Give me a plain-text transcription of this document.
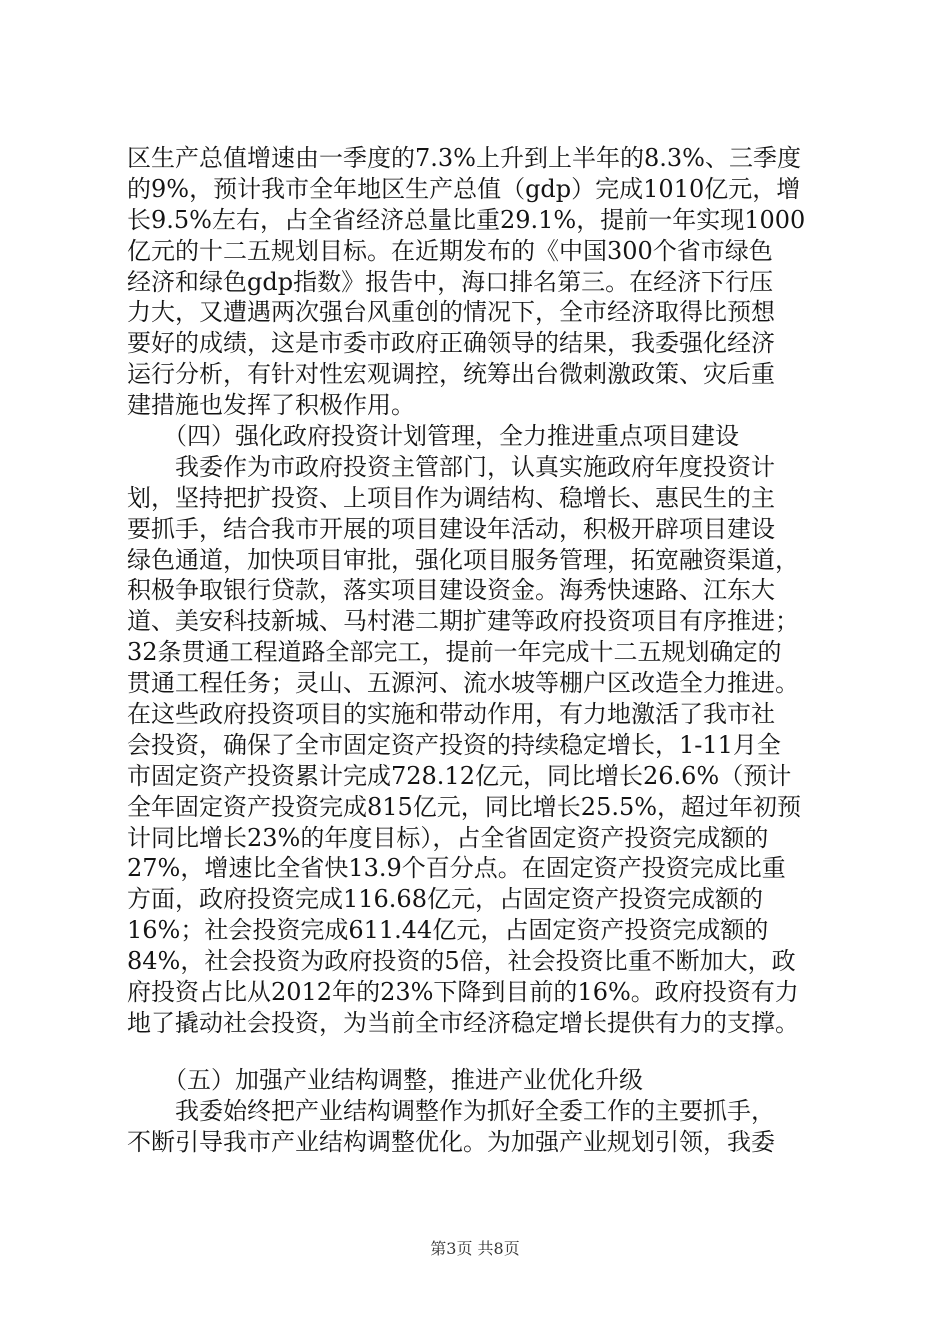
区生产总值增速由一季度的7.3%上升到上半年的8.3%、三季度
的9%，预计我市全年地区生产总值（gdp）完成1010亿元，增
长9.5%左右，占全省经济总量比重29.1%，提前一年实现1000
亿元的十二五规划目标。在近期发布的《中国300个省市绿色
经济和绿色gdp指数》报告中，海口排名第三。在经济下行压
力大，又遭遇两次强台风重创的情况下，全市经济取得比预想
要好的成绩，这是市委市政府正确领导的结果，我委强化经济
运行分析，有针对性宏观调控，统筹出台微刺激政策、灾后重
建措施也发挥了积极作用。
　　（四）强化政府投资计划管理，全力推进重点项目建设
　　我委作为市政府投资主管部门，认真实施政府年度投资计
划，坚持把扩投资、上项目作为调结构、稳增长、惠民生的主
要抓手，结合我市开展的项目建设年活动，积极开辟项目建设
绿色通道，加快项目审批，强化项目服务管理，拓宽融资渠道，
积极争取银行贷款，落实项目建设资金。海秀快速路、江东大
道、美安科技新城、马村港二期扩建等政府投资项目有序推进；
32条贯通工程道路全部完工，提前一年完成十二五规划确定的
贯通工程任务；灵山、五源河、流水坡等棚户区改造全力推进。
在这些政府投资项目的实施和带动作用，有力地激活了我市社
会投资，确保了全市固定资产投资的持续稳定增长，1-11月全
市固定资产投资累计完成728.12亿元，同比增长26.6%（预计
全年固定资产投资完成815亿元，同比增长25.5%，超过年初预
计同比增长23%的年度目标），占全省固定资产投资完成额的
27%，增速比全省快13.9个百分点。在固定资产投资完成比重
方面，政府投资完成116.68亿元，占固定资产投资完成额的
16%；社会投资完成611.44亿元，占固定资产投资完成额的
84%，社会投资为政府投资的5倍，社会投资比重不断加大，政
府投资占比从2012年的23%下降到目前的16%。政府投资有力
地了撬动社会投资，为当前全市经济稳定增长提供有力的支撑。
　　（五）加强产业结构调整，推进产业优化升级
　　我委始终把产业结构调整作为抓好全委工作的主要抓手，
不断引导我市产业结构调整优化。为加强产业规划引领，我委
第3页 共8页
